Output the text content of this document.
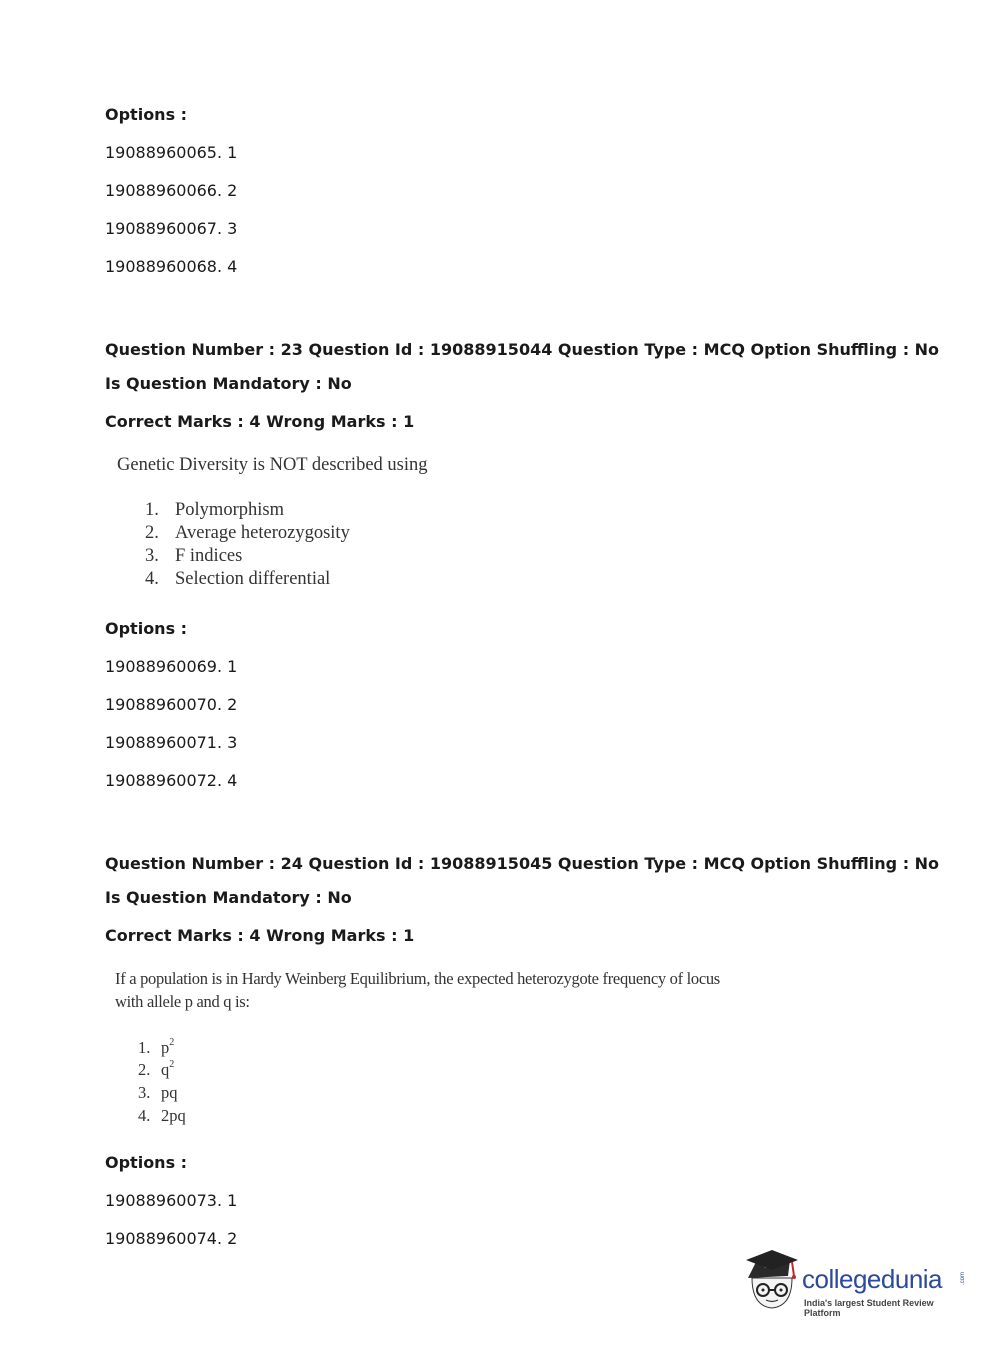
Options :
19088960065. 1
19088960066. 2
19088960067. 3
19088960068. 4
Question Number : 23 Question Id : 19088915044 Question Type : MCQ Option Shuffling : No
Is Question Mandatory : No
Correct Marks : 4 Wrong Marks : 1
Genetic Diversity is NOT described using
1. Polymorphism
2. Average heterozygosity
3. F indices
4. Selection differential
Options :
19088960069. 1
19088960070. 2
19088960071. 3
19088960072. 4
Question Number : 24 Question Id : 19088915045 Question Type : MCQ Option Shuffling : No
Is Question Mandatory : No
Correct Marks : 4 Wrong Marks : 1
If a population is in Hardy Weinberg Equilibrium, the expected heterozygote frequency of locus
with allele p and q is:
1. $p^2$
2. $q^2$
3. pq
4. 2pq
Options :
19088960073. 1
19088960074. 2
collegedunia	.com
India's largest Student Review Platform
